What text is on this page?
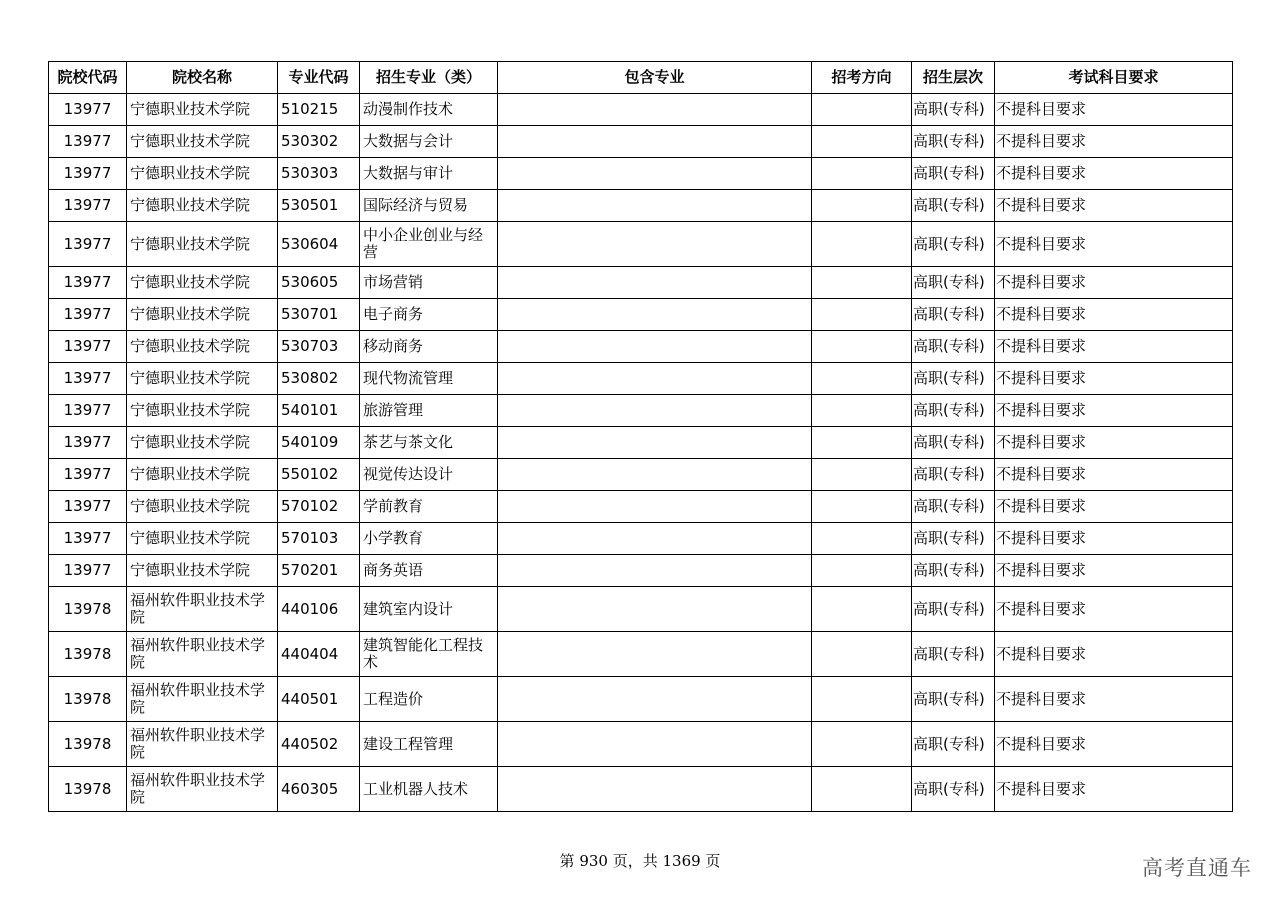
院校代码	院校名称	专业代码	招生专业（类）	包含专业	招考方向	招生层次	考试科目要求
13977	宁德职业技术学院	510215	动漫制作技术			高职(专科)	不提科目要求
13977	宁德职业技术学院	530302	大数据与会计			高职(专科)	不提科目要求
13977	宁德职业技术学院	530303	大数据与审计			高职(专科)	不提科目要求
13977	宁德职业技术学院	530501	国际经济与贸易			高职(专科)	不提科目要求
13977	宁德职业技术学院	530604	中小企业创业与经营			高职(专科)	不提科目要求
13977	宁德职业技术学院	530605	市场营销			高职(专科)	不提科目要求
13977	宁德职业技术学院	530701	电子商务			高职(专科)	不提科目要求
13977	宁德职业技术学院	530703	移动商务			高职(专科)	不提科目要求
13977	宁德职业技术学院	530802	现代物流管理			高职(专科)	不提科目要求
13977	宁德职业技术学院	540101	旅游管理			高职(专科)	不提科目要求
13977	宁德职业技术学院	540109	茶艺与茶文化			高职(专科)	不提科目要求
13977	宁德职业技术学院	550102	视觉传达设计			高职(专科)	不提科目要求
13977	宁德职业技术学院	570102	学前教育			高职(专科)	不提科目要求
13977	宁德职业技术学院	570103	小学教育			高职(专科)	不提科目要求
13977	宁德职业技术学院	570201	商务英语			高职(专科)	不提科目要求
13978	福州软件职业技术学院	440106	建筑室内设计			高职(专科)	不提科目要求
13978	福州软件职业技术学院	440404	建筑智能化工程技术			高职(专科)	不提科目要求
13978	福州软件职业技术学院	440501	工程造价			高职(专科)	不提科目要求
13978	福州软件职业技术学院	440502	建设工程管理			高职(专科)	不提科目要求
13978	福州软件职业技术学院	460305	工业机器人技术			高职(专科)	不提科目要求
第 930 页，共 1369 页	高考直通车
